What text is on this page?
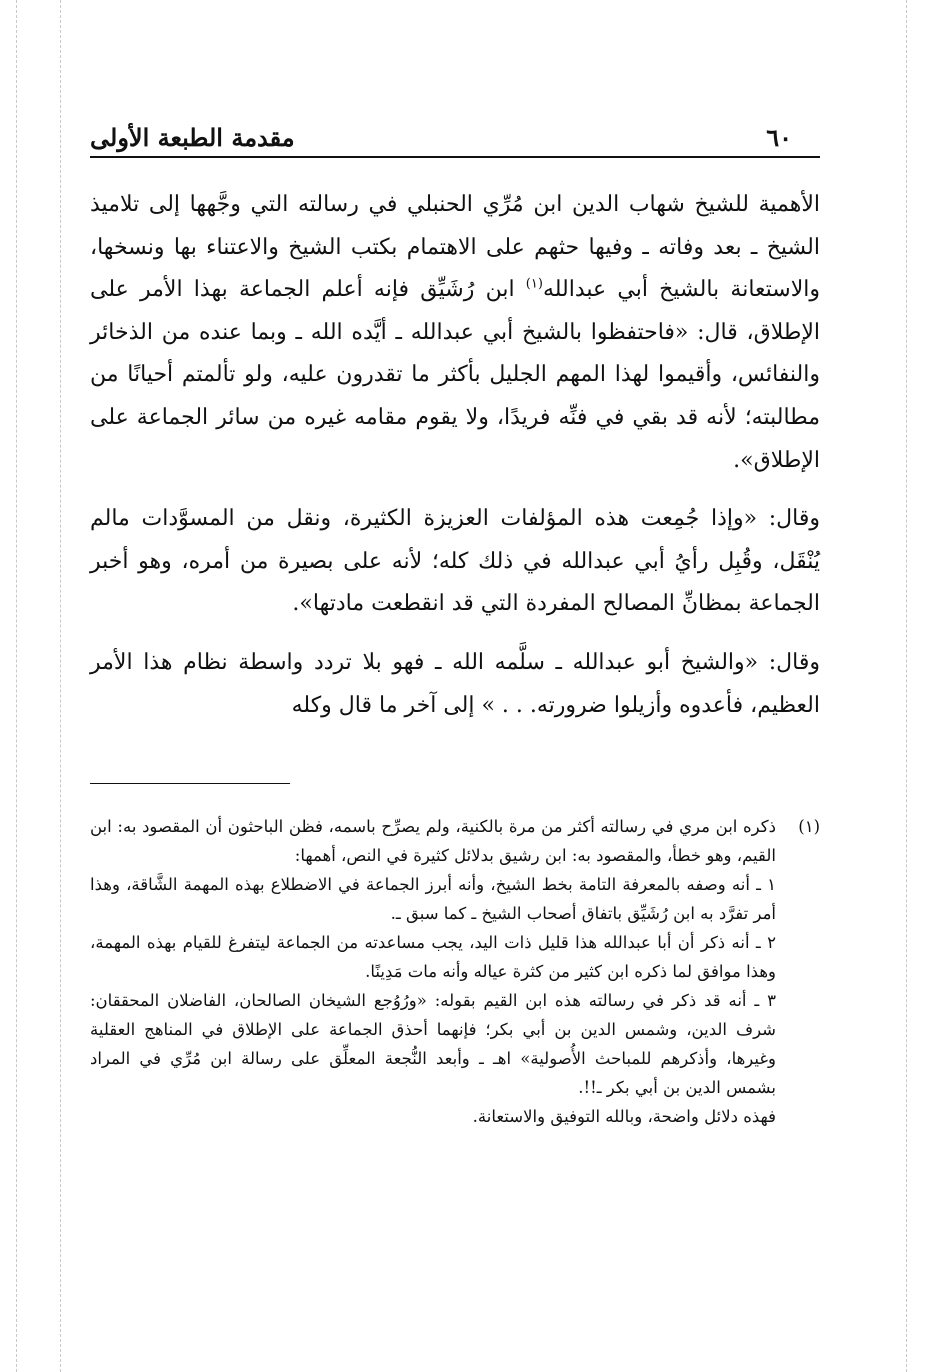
٦٠
مقدمة الطبعة الأولى

الأهمية للشيخ شهاب الدين ابن مُرِّي الحنبلي في رسالته التي وجَّهها إلى تلاميذ الشيخ ـ بعد وفاته ـ وفيها حثهم على الاهتمام بكتب الشيخ والاعتناء بها ونسخها، والاستعانة بالشيخ أبي عبدالله$^{(١)}$ ابن رُشَيِّق فإنه أعلم الجماعة بهذا الأمر على الإطلاق، قال: «فاحتفظوا بالشيخ أبي عبدالله ـ أيَّده الله ـ وبما عنده من الذخائر والنفائس، وأقيموا لهذا المهم الجليل بأكثر ما تقدرون عليه، ولو تألمتم أحيانًا من مطالبته؛ لأنه قد بقي في فنِّه فريدًا، ولا يقوم مقامه غيره من سائر الجماعة على الإطلاق».

وقال: «وإذا جُمِعت هذه المؤلفات العزيزة الكثيرة، ونقل من المسوَّدات مالم يُنْقَل، وقُبِل رأيُ أبي عبدالله في ذلك كله؛ لأنه على بصيرة من أمره، وهو أخبر الجماعة بمظانِّ المصالح المفردة التي قد انقطعت مادتها».

وقال: «والشيخ أبو عبدالله ـ سلَّمه الله ـ فهو بلا تردد واسطة نظام هذا الأمر العظيم، فأعدوه وأزيلوا ضرورته. . . » إلى آخر ما قال وكله

(١)

ذكره ابن مري في رسالته أكثر من مرة بالكنية، ولم يصرِّح باسمه، فظن الباحثون أن المقصود به: ابن القيم، وهو خطأ، والمقصود به: ابن رشيق بدلائل كثيرة في النص، أهمها:

١ ـ أنه وصفه بالمعرفة التامة بخط الشيخ، وأنه أبرز الجماعة في الاضطلاع بهذه المهمة الشَّاقة، وهذا أمر تفرَّد به ابن رُشَيِّق باتفاق أصحاب الشيخ ـ كما سبق ـ.

٢ ـ أنه ذكر أن أبا عبدالله هذا قليل ذات اليد، يجب مساعدته من الجماعة ليتفرغ للقيام بهذه المهمة، وهذا موافق لما ذكره ابن كثير من كثرة عياله وأنه مات مَدِينًا.

٣ ـ أنه قد ذكر في رسالته هذه ابن القيم بقوله: «ورُوُجع الشيخان الصالحان، الفاضلان المحققان: شرف الدين، وشمس الدين بن أبي بكر؛ فإنهما أحذق الجماعة على الإطلاق في المناهج العقلية وغيرها، وأذكرهم للمباحث الأُصولية» اهـ ـ وأبعد النُّجعة المعلِّق على رسالة ابن مُرِّي في المراد بشمس الدين بن أبي بكر ـ!!.

فهذه دلائل واضحة، وبالله التوفيق والاستعانة.
